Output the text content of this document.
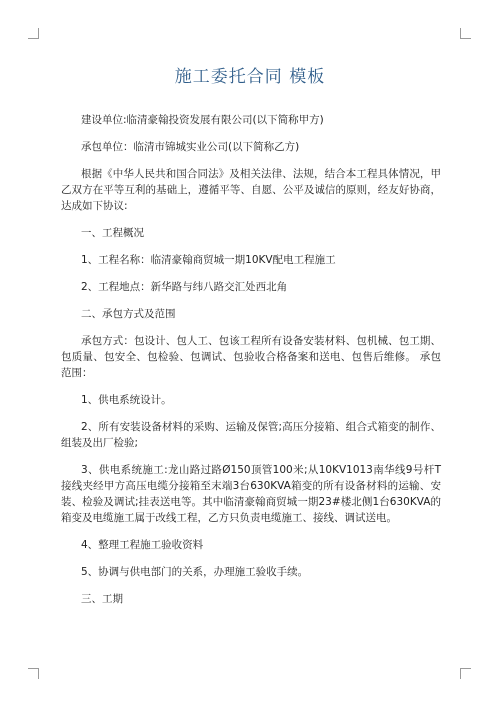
施工委托合同 模板

建设单位:临清豪翰投资发展有限公司(以下简称甲方)

承包单位：临清市锦城实业公司(以下简称乙方)

根据《中华人民共和国合同法》及相关法律、法规，结合本工程具体情况，甲乙双方在平等互利的基础上，遵循平等、自愿、公平及诚信的原则，经友好协商，达成如下协议:

一、工程概况

1、工程名称：临清豪翰商贸城一期10KV配电工程施工

2、工程地点：新华路与纬八路交汇处西北角

二、承包方式及范围

承包方式：包设计、包人工、包该工程所有设备安装材料、包机械、包工期、包质量、包安全、包检验、包调试、包验收合格备案和送电、包售后维修。 承包范围：

1、供电系统设计。

2、所有安装设备材料的采购、运输及保管;高压分接箱、组合式箱变的制作、组装及出厂检验;

3、供电系统施工:龙山路过路Ø150顶管100米;从10KV1013南华线9号杆T接线夹经甲方高压电缆分接箱至末端3台630KVA箱变的所有设备材料的运输、安装、检验及调试;挂表送电等。其中临清豪翰商贸城一期23#楼北侧1台630KVA的箱变及电缆施工属于改线工程，乙方只负责电缆施工、接线、调试送电。

4、整理工程施工验收资料

5、协调与供电部门的关系，办理施工验收手续。

三、工期
